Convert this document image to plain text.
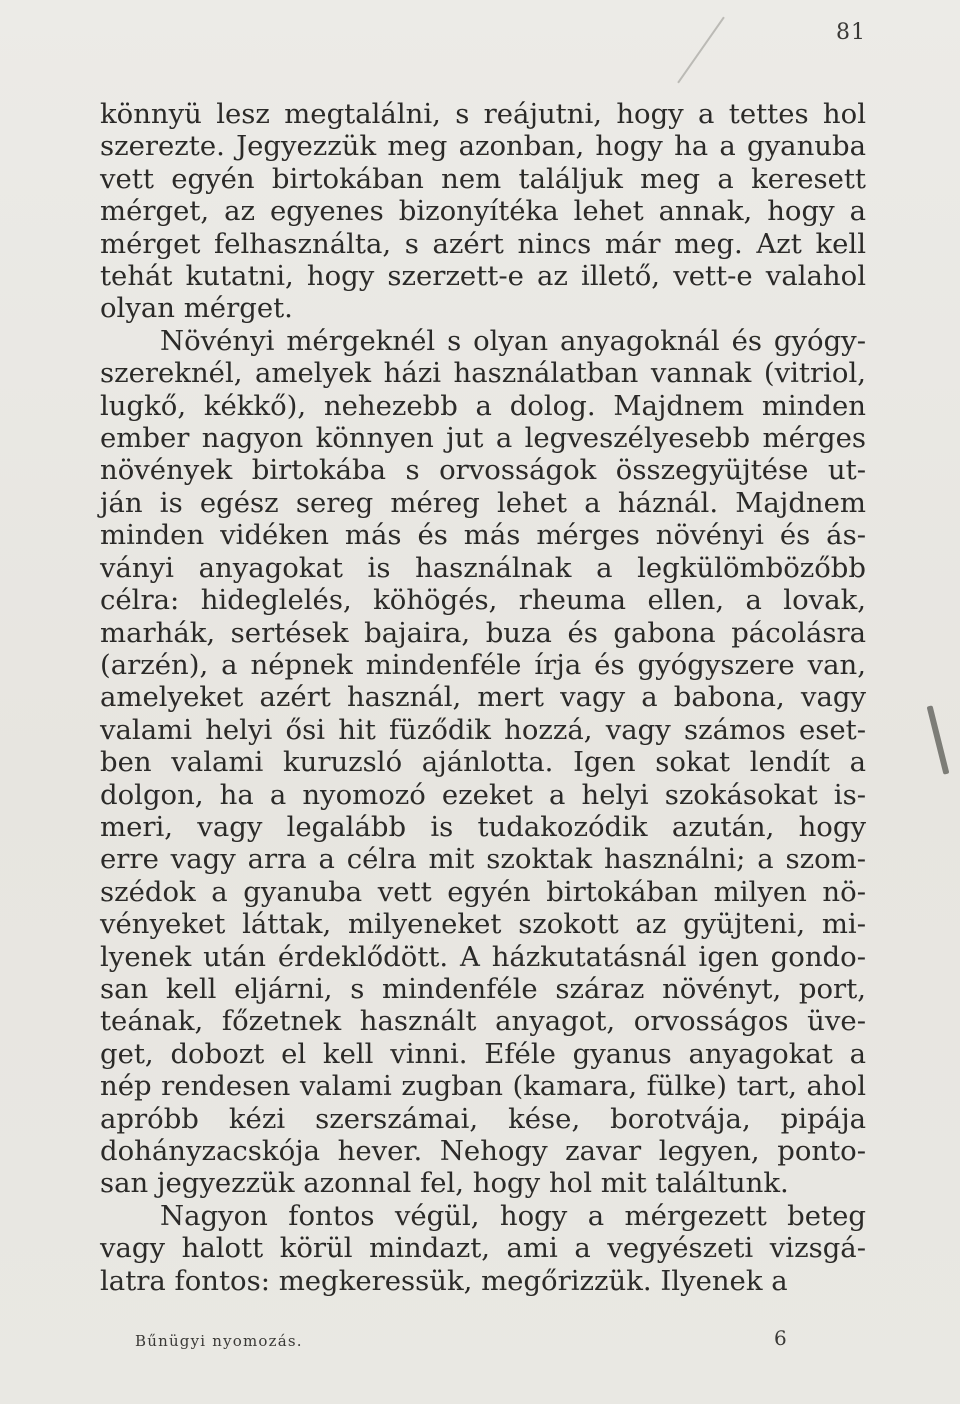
81

könnyü lesz megtalálni, s reájutni, hogy a tettes hol
szerezte. Jegyezzük meg azonban, hogy ha a gyanuba
vett egyén birtokában nem találjuk meg a keresett
mérget, az egyenes bizonyítéka lehet annak, hogy a
mérget felhasználta, s azért nincs már meg. Azt kell
tehát kutatni, hogy szerzett-e az illető, vett-e valahol
olyan mérget.

Növényi mérgeknél s olyan anyagoknál és gyógy-
szereknél, amelyek házi használatban vannak (vitriol,
lugkő, kékkő), nehezebb a dolog. Majdnem minden
ember nagyon könnyen jut a legveszélyesebb mérges
növények birtokába s orvosságok összegyüjtése ut-
ján is egész sereg méreg lehet a háznál. Majdnem
minden vidéken más és más mérges növényi és ás-
ványi anyagokat is használnak a legkülömbözőbb
célra: hideglelés, köhögés, rheuma ellen, a lovak,
marhák, sertések bajaira, buza és gabona pácolásra
(arzén), a népnek mindenféle írja és gyógyszere van,
amelyeket azért használ, mert vagy a babona, vagy
valami helyi ősi hit füződik hozzá, vagy számos eset-
ben valami kuruzsló ajánlotta. Igen sokat lendít a
dolgon, ha a nyomozó ezeket a helyi szokásokat is-
meri, vagy legalább is tudakozódik azután, hogy
erre vagy arra a célra mit szoktak használni; a szom-
szédok a gyanuba vett egyén birtokában milyen nö-
vényeket láttak, milyeneket szokott az gyüjteni, mi-
lyenek után érdeklődött. A házkutatásnál igen gondo-
san kell eljárni, s mindenféle száraz növényt, port,
teának, főzetnek használt anyagot, orvosságos üve-
get, dobozt el kell vinni. Eféle gyanus anyagokat a
nép rendesen valami zugban (kamara, fülke) tart, ahol
apróbb kézi szerszámai, kése, borotvája, pipája
dohányzacskója hever. Nehogy zavar legyen, ponto-
san jegyezzük azonnal fel, hogy hol mit találtunk.

Nagyon fontos végül, hogy a mérgezett beteg
vagy halott körül mindazt, ami a vegyészeti vizsgá-
latra fontos: megkeressük, megőrizzük. Ilyenek a

Bűnügyi nyomozás.	6
